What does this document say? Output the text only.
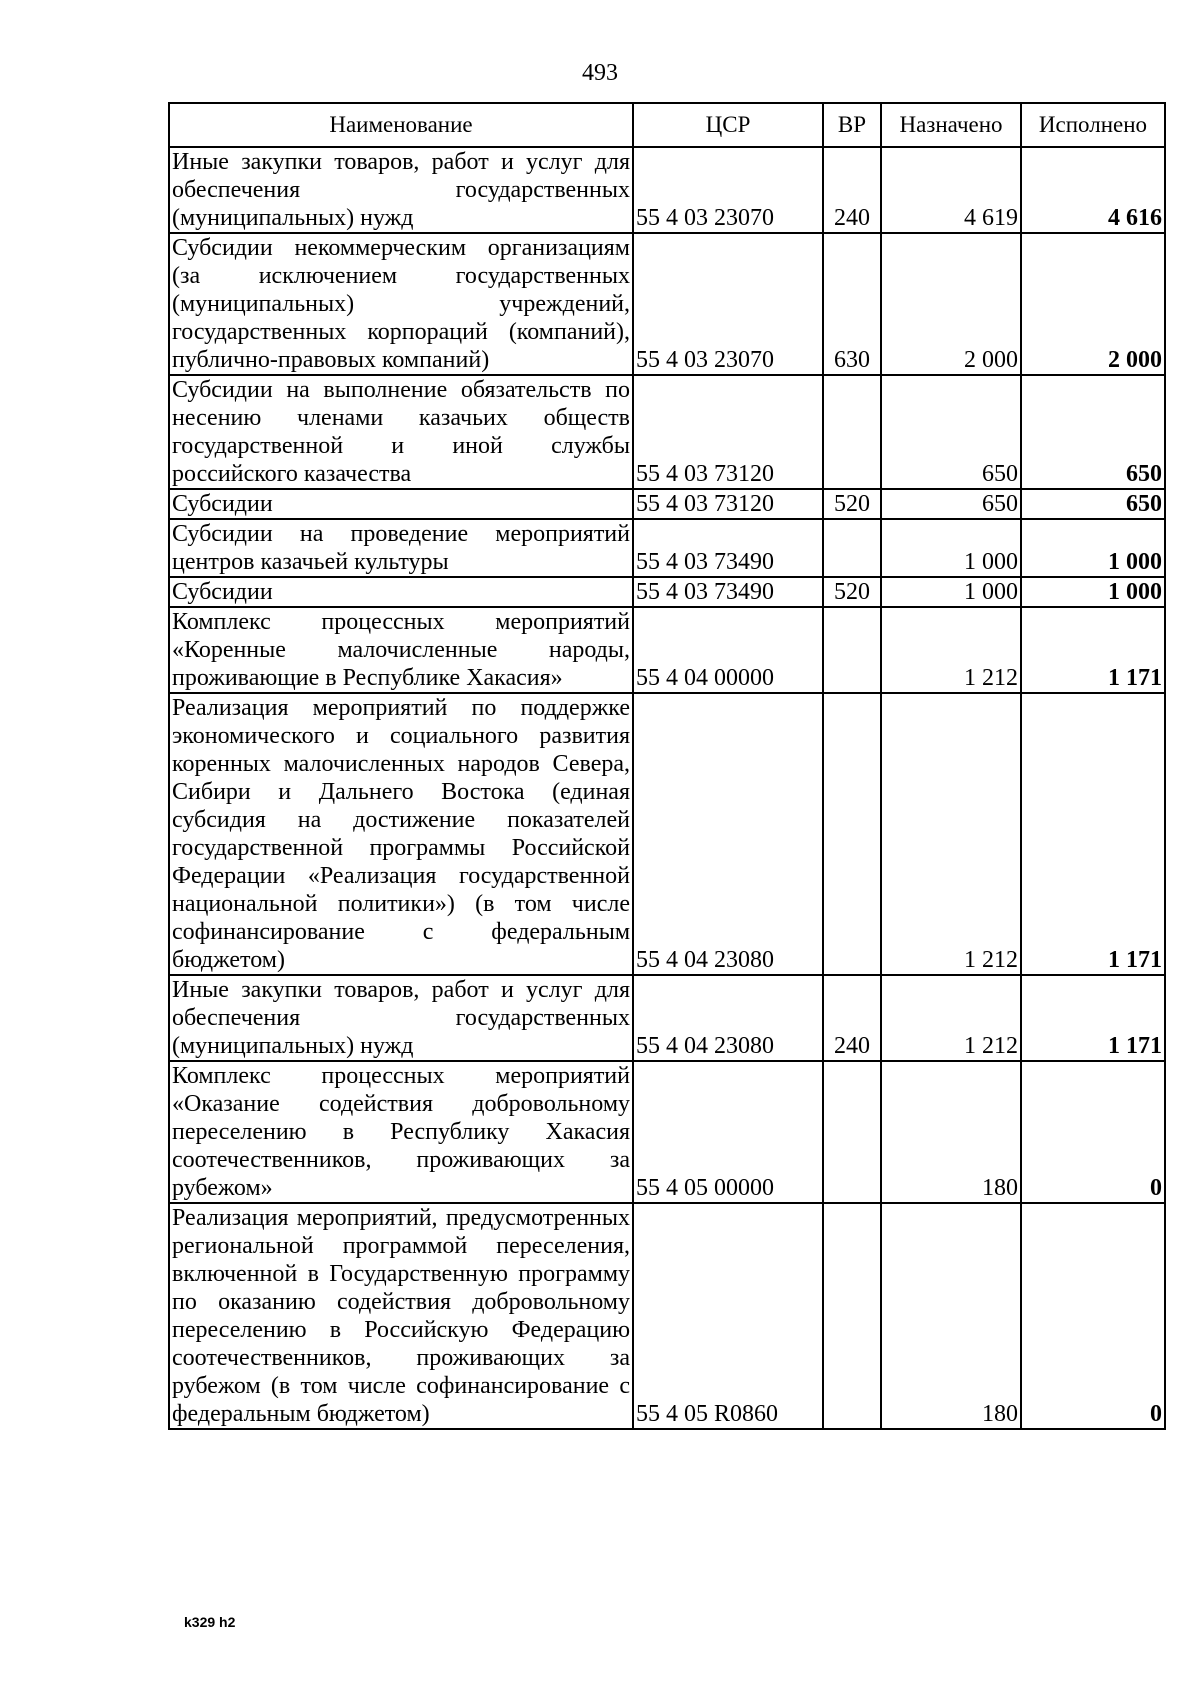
493
Наименование	ЦСР	ВР	Назначено	Исполнено
Иные закупки товаров, работ и услуг для обеспечения государственных (муниципальных) нужд	55 4 03 23070	240	4 619	4 616
Субсидии некоммерческим организациям (за исключением государственных (муниципальных) учреждений, государственных корпораций (компаний), публично-правовых компаний)	55 4 03 23070	630	2 000	2 000
Субсидии на выполнение обязательств по несению членами казачьих обществ государственной и иной службы российского казачества	55 4 03 73120		650	650
Субсидии	55 4 03 73120	520	650	650
Субсидии на проведение мероприятий центров казачьей культуры	55 4 03 73490		1 000	1 000
Субсидии	55 4 03 73490	520	1 000	1 000
Комплекс процессных мероприятий «Коренные малочисленные народы, проживающие в Республике Хакасия»	55 4 04 00000		1 212	1 171
Реализация мероприятий по поддержке экономического и социального развития коренных малочисленных народов Севера, Сибири и Дальнего Востока (единая субсидия на достижение показателей государственной программы Российской Федерации «Реализация государственной национальной политики») (в том числе софинансирование с федеральным бюджетом)	55 4 04 23080		1 212	1 171
Иные закупки товаров, работ и услуг для обеспечения государственных (муниципальных) нужд	55 4 04 23080	240	1 212	1 171
Комплекс процессных мероприятий «Оказание содействия добровольному переселению в Республику Хакасия соотечественников, проживающих за рубежом»	55 4 05 00000		180	0
Реализация мероприятий, предусмотренных региональной программой переселения, включенной в Государственную программу по оказанию содействия добровольному переселению в Российскую Федерацию соотечественников, проживающих за рубежом (в том числе софинансирование с федеральным бюджетом)	55 4 05 R0860		180	0
k329 h2
